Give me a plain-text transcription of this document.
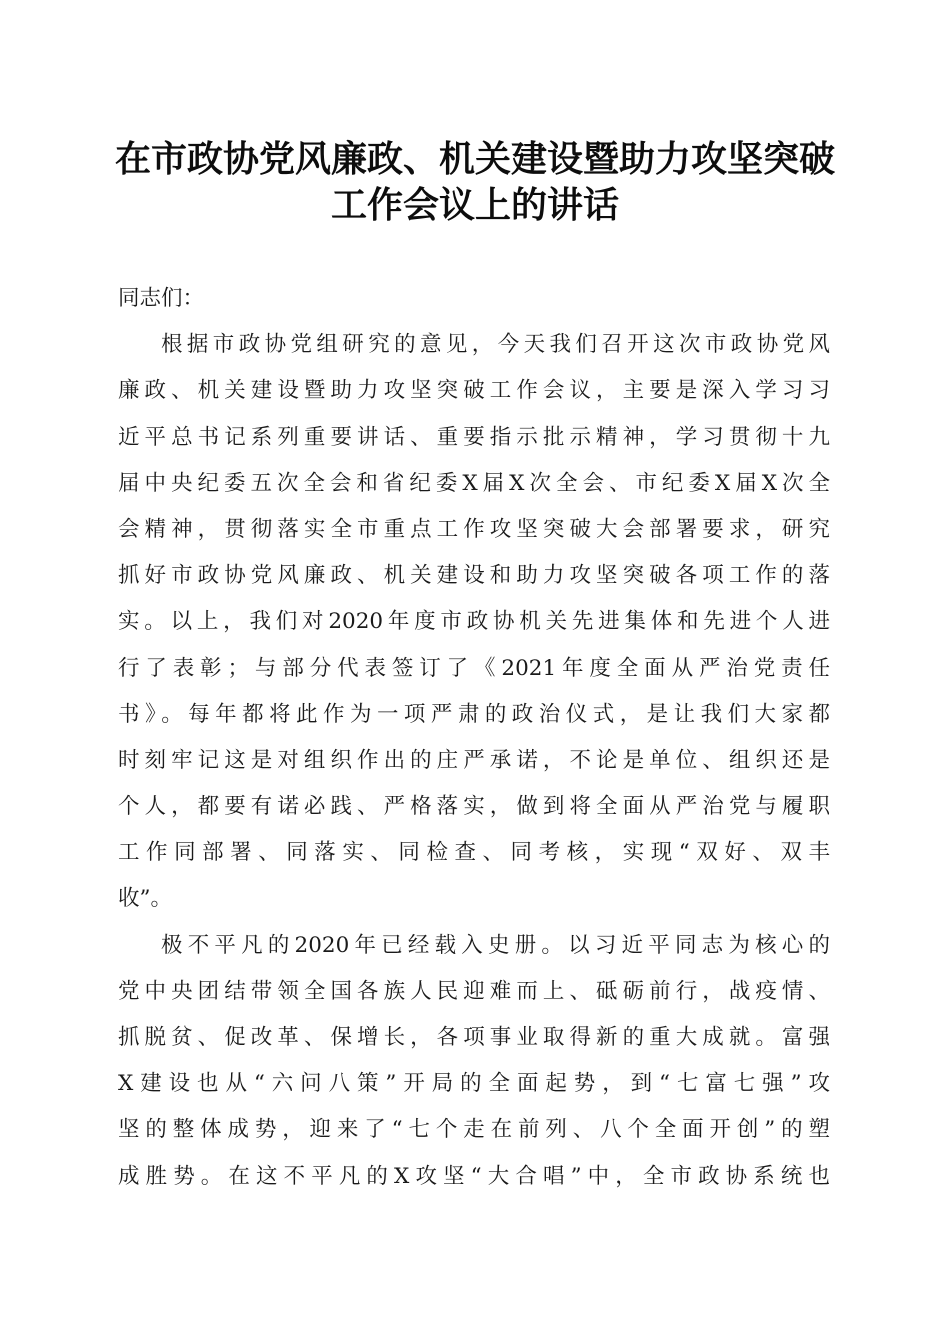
在市政协党风廉政、机关建设暨助力攻坚突破
工作会议上的讲话
同志们：
根据市政协党组研究的意见，今天我们召开这次市政协党风
廉政、机关建设暨助力攻坚突破工作会议，主要是深入学习习
近平总书记系列重要讲话、重要指示批示精神，学习贯彻十九
届中央纪委五次全会和省纪委X届X次全会、市纪委X届X次全
会精神，贯彻落实全市重点工作攻坚突破大会部署要求，研究
抓好市政协党风廉政、机关建设和助力攻坚突破各项工作的落
实。以上，我们对2020年度市政协机关先进集体和先进个人进
行了表彰；与部分代表签订了《2021年度全面从严治党责任
书》。每年都将此作为一项严肃的政治仪式，是让我们大家都
时刻牢记这是对组织作出的庄严承诺，不论是单位、组织还是
个人，都要有诺必践、严格落实，做到将全面从严治党与履职
工作同部署、同落实、同检查、同考核，实现“双好、双丰
收”。
极不平凡的2020年已经载入史册。以习近平同志为核心的
党中央团结带领全国各族人民迎难而上、砥砺前行，战疫情、
抓脱贫、促改革、保增长，各项事业取得新的重大成就。富强
X建设也从“六问八策”开局的全面起势，到“七富七强”攻
坚的整体成势，迎来了“七个走在前列、八个全面开创”的塑
成胜势。在这不平凡的X攻坚“大合唱”中，全市政协系统也
